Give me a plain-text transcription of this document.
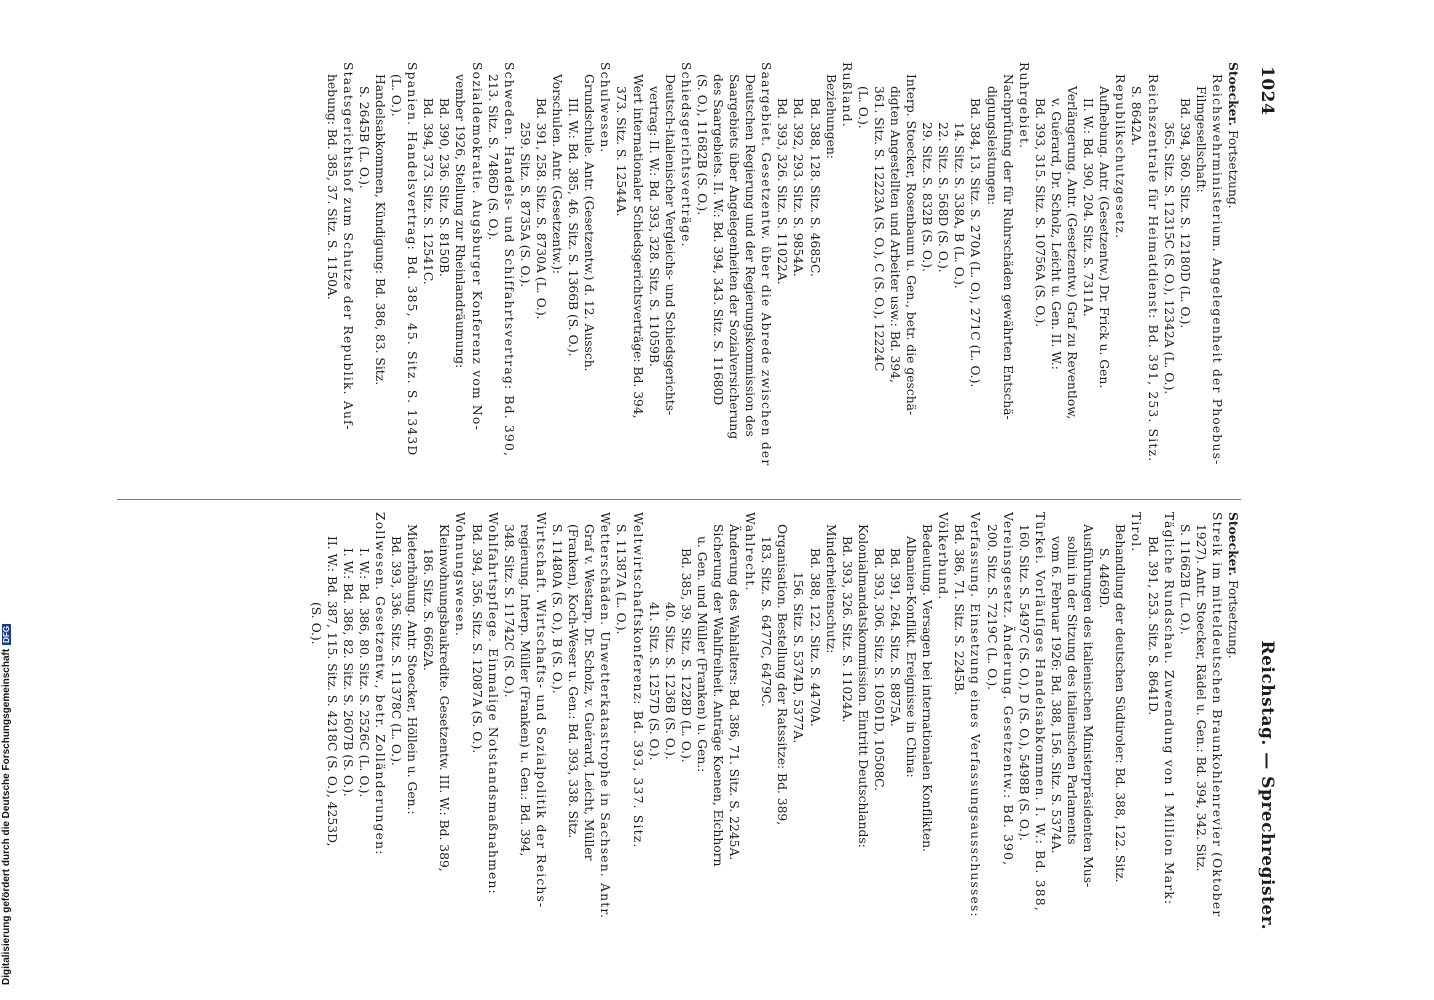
1024
Reichstag. — Sprechregister.
Stoecker. Fortsetzung.
Reichswehrministerium. Angelegenheit der Phoebus-
Filmgesellschaft:
Bd. 394, 360. Sitz. S. 12180D (L. O.).
365. Sitz. S. 12315C (S. O.), 12342A (L. O.).
Reichszentrale für Heimatdienst: Bd. 391, 253. Sitz.
S. 8642A.
Republikschutzgesetz.
Aufhebung. Antr. (Gesetzentw.) Dr. Frick u. Gen.
II. W.: Bd. 390, 204. Sitz. S. 7311A.
Verlängerung. Antr. (Gesetzentw.) Graf zu Reventlow,
v. Guérard, Dr. Scholz, Leicht u. Gen. II. W.:
Bd. 393, 315. Sitz. S. 10756A (S. O.).
Ruhrgebiet.
Nachprüfung der für Ruhrschäden gewährten Entschä-
digungsleistungen:
Bd. 384, 13. Sitz. S. 270A (L. O.), 271C (L. O.).
14. Sitz. S. 338A, B (L. O.).
22. Sitz. S. 568D (S. O.).
29. Sitz. S. 832B (S. O.).
Interp. Stoecker, Rosenbaum u. Gen., betr. die geschä-
digten Angestellten und Arbeiter usw.: Bd. 394,
361. Sitz. S. 12223A (S. O.), C (S. O.), 12224C
(L. O.).
Rußland.
Beziehungen:
Bd. 388, 128. Sitz. S. 4685C.
Bd. 392, 293. Sitz. S. 9854A.
Bd. 393, 326. Sitz. S. 11022A.
Saargebiet. Gesetzentw. über die Abrede zwischen der
Deutschen Regierung und der Regierungskommission des
Saargebiets über Angelegenheiten der Sozialversicherung
des Saargebiets. II. W.: Bd. 394, 343. Sitz. S. 11680D
(S. O.), 11682B (S. O.).
Schiedsgerichtsverträge.
Deutsch-italienischer Vergleichs- und Schiedsgerichts-
vertrag: II. W.: Bd. 393, 328. Sitz. S. 11059B.
Wert internationaler Schiedsgerichtsverträge: Bd. 394,
373. Sitz. S. 12544A.
Schulwesen.
Grundschule. Antr. (Gesetzentw.) d. 12. Aussch.
III. W.: Bd. 385, 46. Sitz. S. 1366B (S. O.).
Vorschulen. Antr. (Gesetzentw.):
Bd. 391, 258. Sitz. S. 8730A (L. O.).
259. Sitz. S. 8735A (S. O.).
Schweden. Handels- und Schiffahrtsvertrag: Bd. 390,
213. Sitz. S. 7486D (S. O.).
Sozialdemokratie. Augsburger Konferenz vom No-
vember 1926, Stellung zur Rheinlandräumung:
Bd. 390, 236. Sitz. S. 8150B.
Bd. 394, 373. Sitz. S. 12541C.
Spanien. Handelsvertrag: Bd. 385, 45. Sitz. S. 1343D
(L. O.).
Handelsabkommen, Kündigung: Bd. 386, 83. Sitz.
S. 2645B (L. O.).
Staatsgerichtshof zum Schutze der Republik. Auf-
hebung: Bd. 385, 37. Sitz. S. 1150A.
Stoecker. Fortsetzung.
Streik im mitteldeutschen Braunkohlenrevier (Oktober
1927). Antr. Stoecker, Rädel u. Gen.: Bd. 394, 342. Sitz.
S. 11662B (L. O.).
Tägliche Rundschau. Zuwendung von 1 Million Mark:
Bd. 391, 253. Sitz. S. 8641D.
Tirol.
Behandlung der deutschen Südtiroler: Bd. 388, 122. Sitz.
S. 4469D.
Ausführungen des italienischen Ministerpräsidenten Mus-
solini in der Sitzung des italienischen Parlaments
vom 6. Februar 1926: Bd. 388, 156. Sitz. S. 5374A.
Türkei. Vorläufiges Handelsabkommen. I. W.: Bd. 388,
160. Sitz. S. 5497C (S. O.), D (S. O.), 5498B (S. O.).
Vereinsgesetz. Änderung. Gesetzentw.: Bd. 390,
200. Sitz. S. 7219C (L. O.).
Verfassung. Einsetzung eines Verfassungsausschusses:
Bd. 386, 71. Sitz. S. 2245B.
Völkerbund.
Bedeutung. Versagen bei internationalen Konflikten.
Albanien-Konflikt. Ereignisse in China:
Bd. 391, 264. Sitz. S. 8875A.
Bd. 393, 306. Sitz. S. 10501D, 10508C.
Kolonialmandatskommission. Eintritt Deutschlands:
Bd. 393, 326. Sitz. S. 11024A.
Minderheitenschutz:
Bd. 388, 122. Sitz. S. 4470A.
156. Sitz. S. 5374D, 5377A.
Organisation. Bestellung der Ratssitze: Bd. 389,
183. Sitz. S. 6477C, 6479C.
Wahlrecht.
Änderung des Wahlalters: Bd. 386, 71. Sitz. S. 2245A.
Sicherung der Wahlfreiheit. Anträge Koenen, Eichhorn
u. Gen. und Müller (Franken) u. Gen.:
Bd. 385, 39. Sitz. S. 1228D (L. O.).
40. Sitz. S. 1236B (S. O.).
41. Sitz. S. 1257D (S. O.).
Weltwirtschaftskonferenz: Bd. 393, 337. Sitz.
S. 11387A (L. O.).
Wetterschäden. Unwetterkatastrophe in Sachsen. Antr.
Graf v. Westarp, Dr. Scholz, v. Guérard, Leicht, Müller
(Franken), Koch-Weser u. Gen.: Bd. 393, 338. Sitz.
S. 11480A (S. O.), B (S. O.).
Wirtschaft. Wirtschafts- und Sozialpolitik der Reichs-
regierung. Interp. Müller (Franken) u. Gen.: Bd. 394,
348. Sitz. S. 11742C (S. O.).
Wohlfahrtspflege. Einmalige Notstandsmaßnahmen:
Bd. 394, 356. Sitz. S. 12087A (S. O.).
Wohnungswesen.
Kleinwohnungsbaukredite. Gesetzentw. III. W.: Bd. 389,
186. Sitz. S. 6662A.
Mieterhöhung. Antr. Stoecker, Höllein u. Gen.:
Bd. 393, 336. Sitz. S. 11378C (L. O.).
Zollwesen. Gesetzentw., betr. Zolländerungen:
I. W.: Bd. 386, 80. Sitz. S. 2526C (L. O.).
I. W.: Bd. 386, 82. Sitz. S. 2607B (S. O.).
II. W.: Bd. 387, 115. Sitz. S. 4218C (S. O.), 4253D,
(S. O.).
Digitalisierung gefördert durch die Deutsche ForschungsgemeinschaftDFG
